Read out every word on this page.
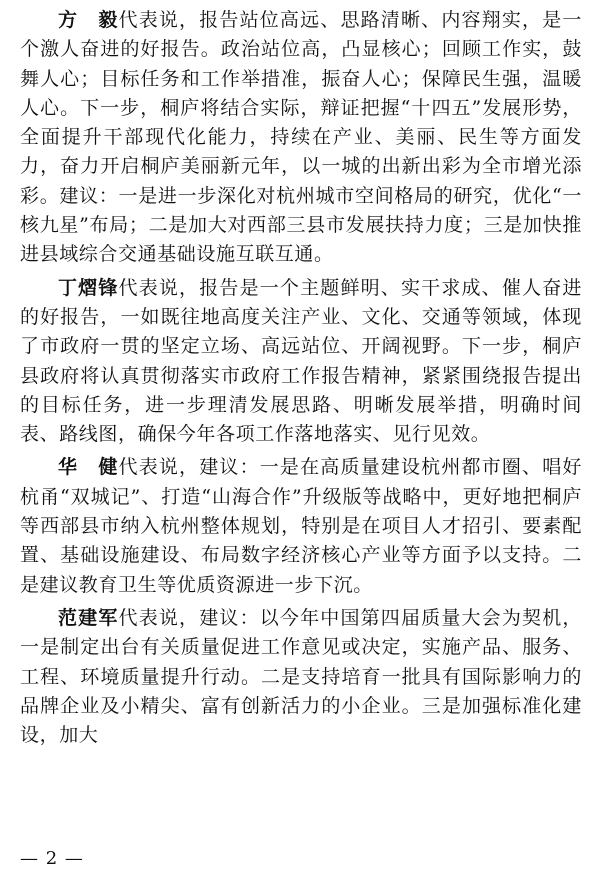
方　毅代表说，报告站位高远、思路清晰、内容翔实，是一个激人奋进的好报告。政治站位高，凸显核心；回顾工作实，鼓舞人心；目标任务和工作举措准，振奋人心；保障民生强，温暖人心。下一步，桐庐将结合实际，辩证把握“十四五”发展形势，全面提升干部现代化能力，持续在产业、美丽、民生等方面发力，奋力开启桐庐美丽新元年，以一城的出新出彩为全市增光添彩。建议：一是进一步深化对杭州城市空间格局的研究，优化“一核九星”布局；二是加大对西部三县市发展扶持力度；三是加快推进县域综合交通基础设施互联互通。

丁熠锋代表说，报告是一个主题鲜明、实干求成、催人奋进的好报告，一如既往地高度关注产业、文化、交通等领域，体现了市政府一贯的坚定立场、高远站位、开阔视野。下一步，桐庐县政府将认真贯彻落实市政府工作报告精神，紧紧围绕报告提出的目标任务，进一步理清发展思路、明晰发展举措，明确时间表、路线图，确保今年各项工作落地落实、见行见效。

华　健代表说，建议：一是在高质量建设杭州都市圈、唱好杭甬“双城记”、打造“山海合作”升级版等战略中，更好地把桐庐等西部县市纳入杭州整体规划，特别是在项目人才招引、要素配置、基础设施建设、布局数字经济核心产业等方面予以支持。二是建议教育卫生等优质资源进一步下沉。

范建军代表说，建议：以今年中国第四届质量大会为契机，一是制定出台有关质量促进工作意见或决定，实施产品、服务、工程、环境质量提升行动。二是支持培育一批具有国际影响力的品牌企业及小精尖、富有创新活力的小企业。三是加强标准化建设，加大

— 2 —
